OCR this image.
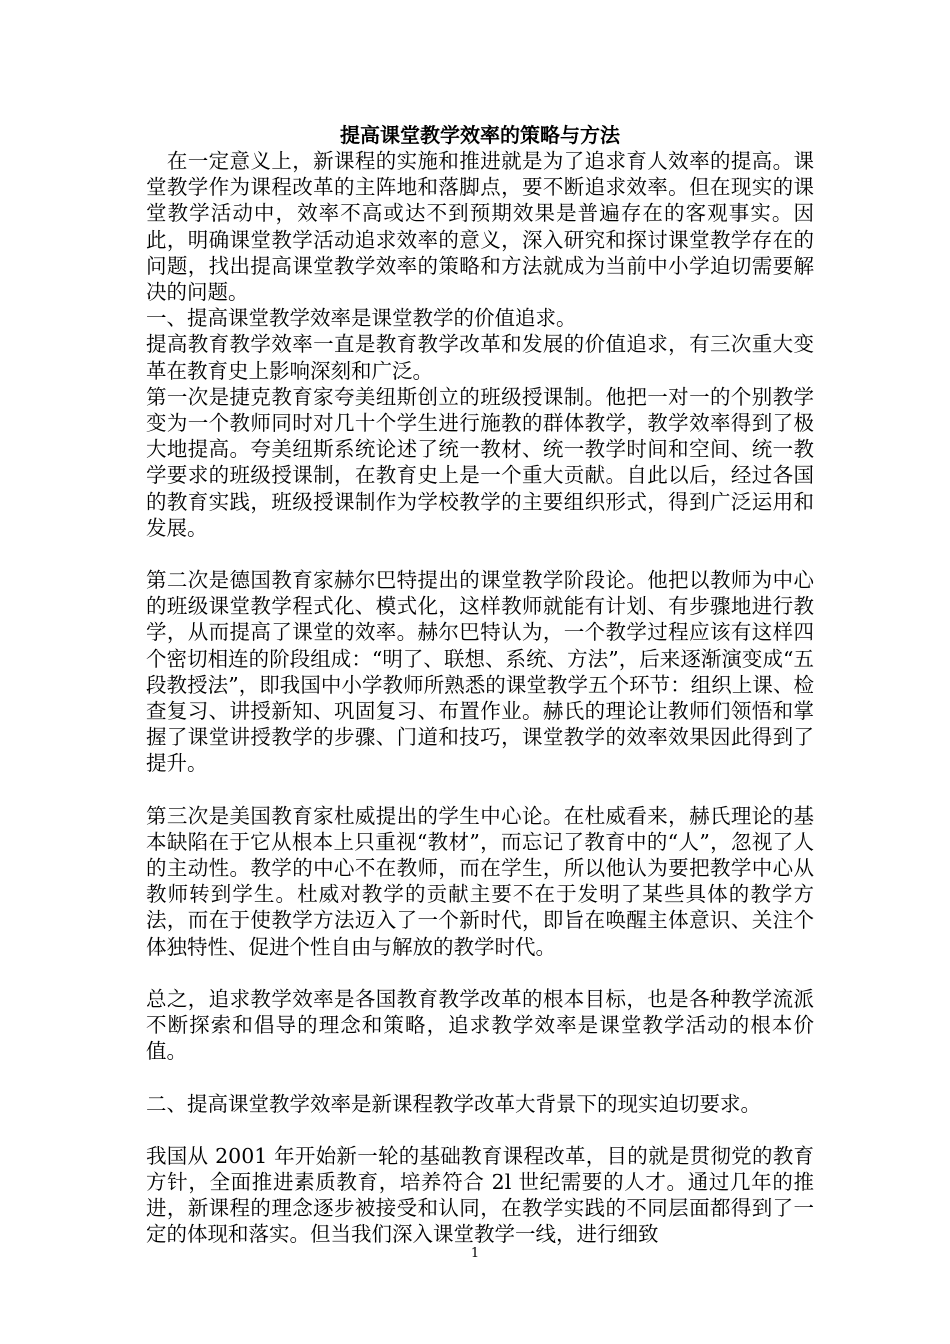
提高课堂教学效率的策略与方法

　在一定意义上，新课程的实施和推进就是为了追求育人效率的提高。课堂教学作为课程改革的主阵地和落脚点，要不断追求效率。但在现实的课堂教学活动中，效率不高或达不到预期效果是普遍存在的客观事实。因此，明确课堂教学活动追求效率的意义，深入研究和探讨课堂教学存在的问题，找出提高课堂教学效率的策略和方法就成为当前中小学迫切需要解决的问题。

一、提高课堂教学效率是课堂教学的价值追求。

提高教育教学效率一直是教育教学改革和发展的价值追求，有三次重大变革在教育史上影响深刻和广泛。

第一次是捷克教育家夸美纽斯创立的班级授课制。他把一对一的个别教学变为一个教师同时对几十个学生进行施教的群体教学，教学效率得到了极大地提高。夸美纽斯系统论述了统一教材、统一教学时间和空间、统一教学要求的班级授课制，在教育史上是一个重大贡献。自此以后，经过各国的教育实践，班级授课制作为学校教学的主要组织形式，得到广泛运用和发展。

第二次是德国教育家赫尔巴特提出的课堂教学阶段论。他把以教师为中心的班级课堂教学程式化、模式化，这样教师就能有计划、有步骤地进行教学，从而提高了课堂的效率。赫尔巴特认为，一个教学过程应该有这样四个密切相连的阶段组成：“明了、联想、系统、方法”，后来逐渐演变成“五段教授法”，即我国中小学教师所熟悉的课堂教学五个环节：组织上课、检查复习、讲授新知、巩固复习、布置作业。赫氏的理论让教师们领悟和掌握了课堂讲授教学的步骤、门道和技巧，课堂教学的效率效果因此得到了提升。

第三次是美国教育家杜威提出的学生中心论。在杜威看来，赫氏理论的基本缺陷在于它从根本上只重视“教材”，而忘记了教育中的“人”，忽视了人的主动性。教学的中心不在教师，而在学生，所以他认为要把教学中心从教师转到学生。杜威对教学的贡献主要不在于发明了某些具体的教学方法，而在于使教学方法迈入了一个新时代，即旨在唤醒主体意识、关注个体独特性、促进个性自由与解放的教学时代。

总之，追求教学效率是各国教育教学改革的根本目标，也是各种教学流派不断探索和倡导的理念和策略，追求教学效率是课堂教学活动的根本价值。

二、提高课堂教学效率是新课程教学改革大背景下的现实迫切要求。

我国从 2001 年开始新一轮的基础教育课程改革，目的就是贯彻党的教育方针，全面推进素质教育，培养符合 2l 世纪需要的人才。通过几年的推进，新课程的理念逐步被接受和认同，在教学实践的不同层面都得到了一定的体现和落实。但当我们深入课堂教学一线，进行细致

1
